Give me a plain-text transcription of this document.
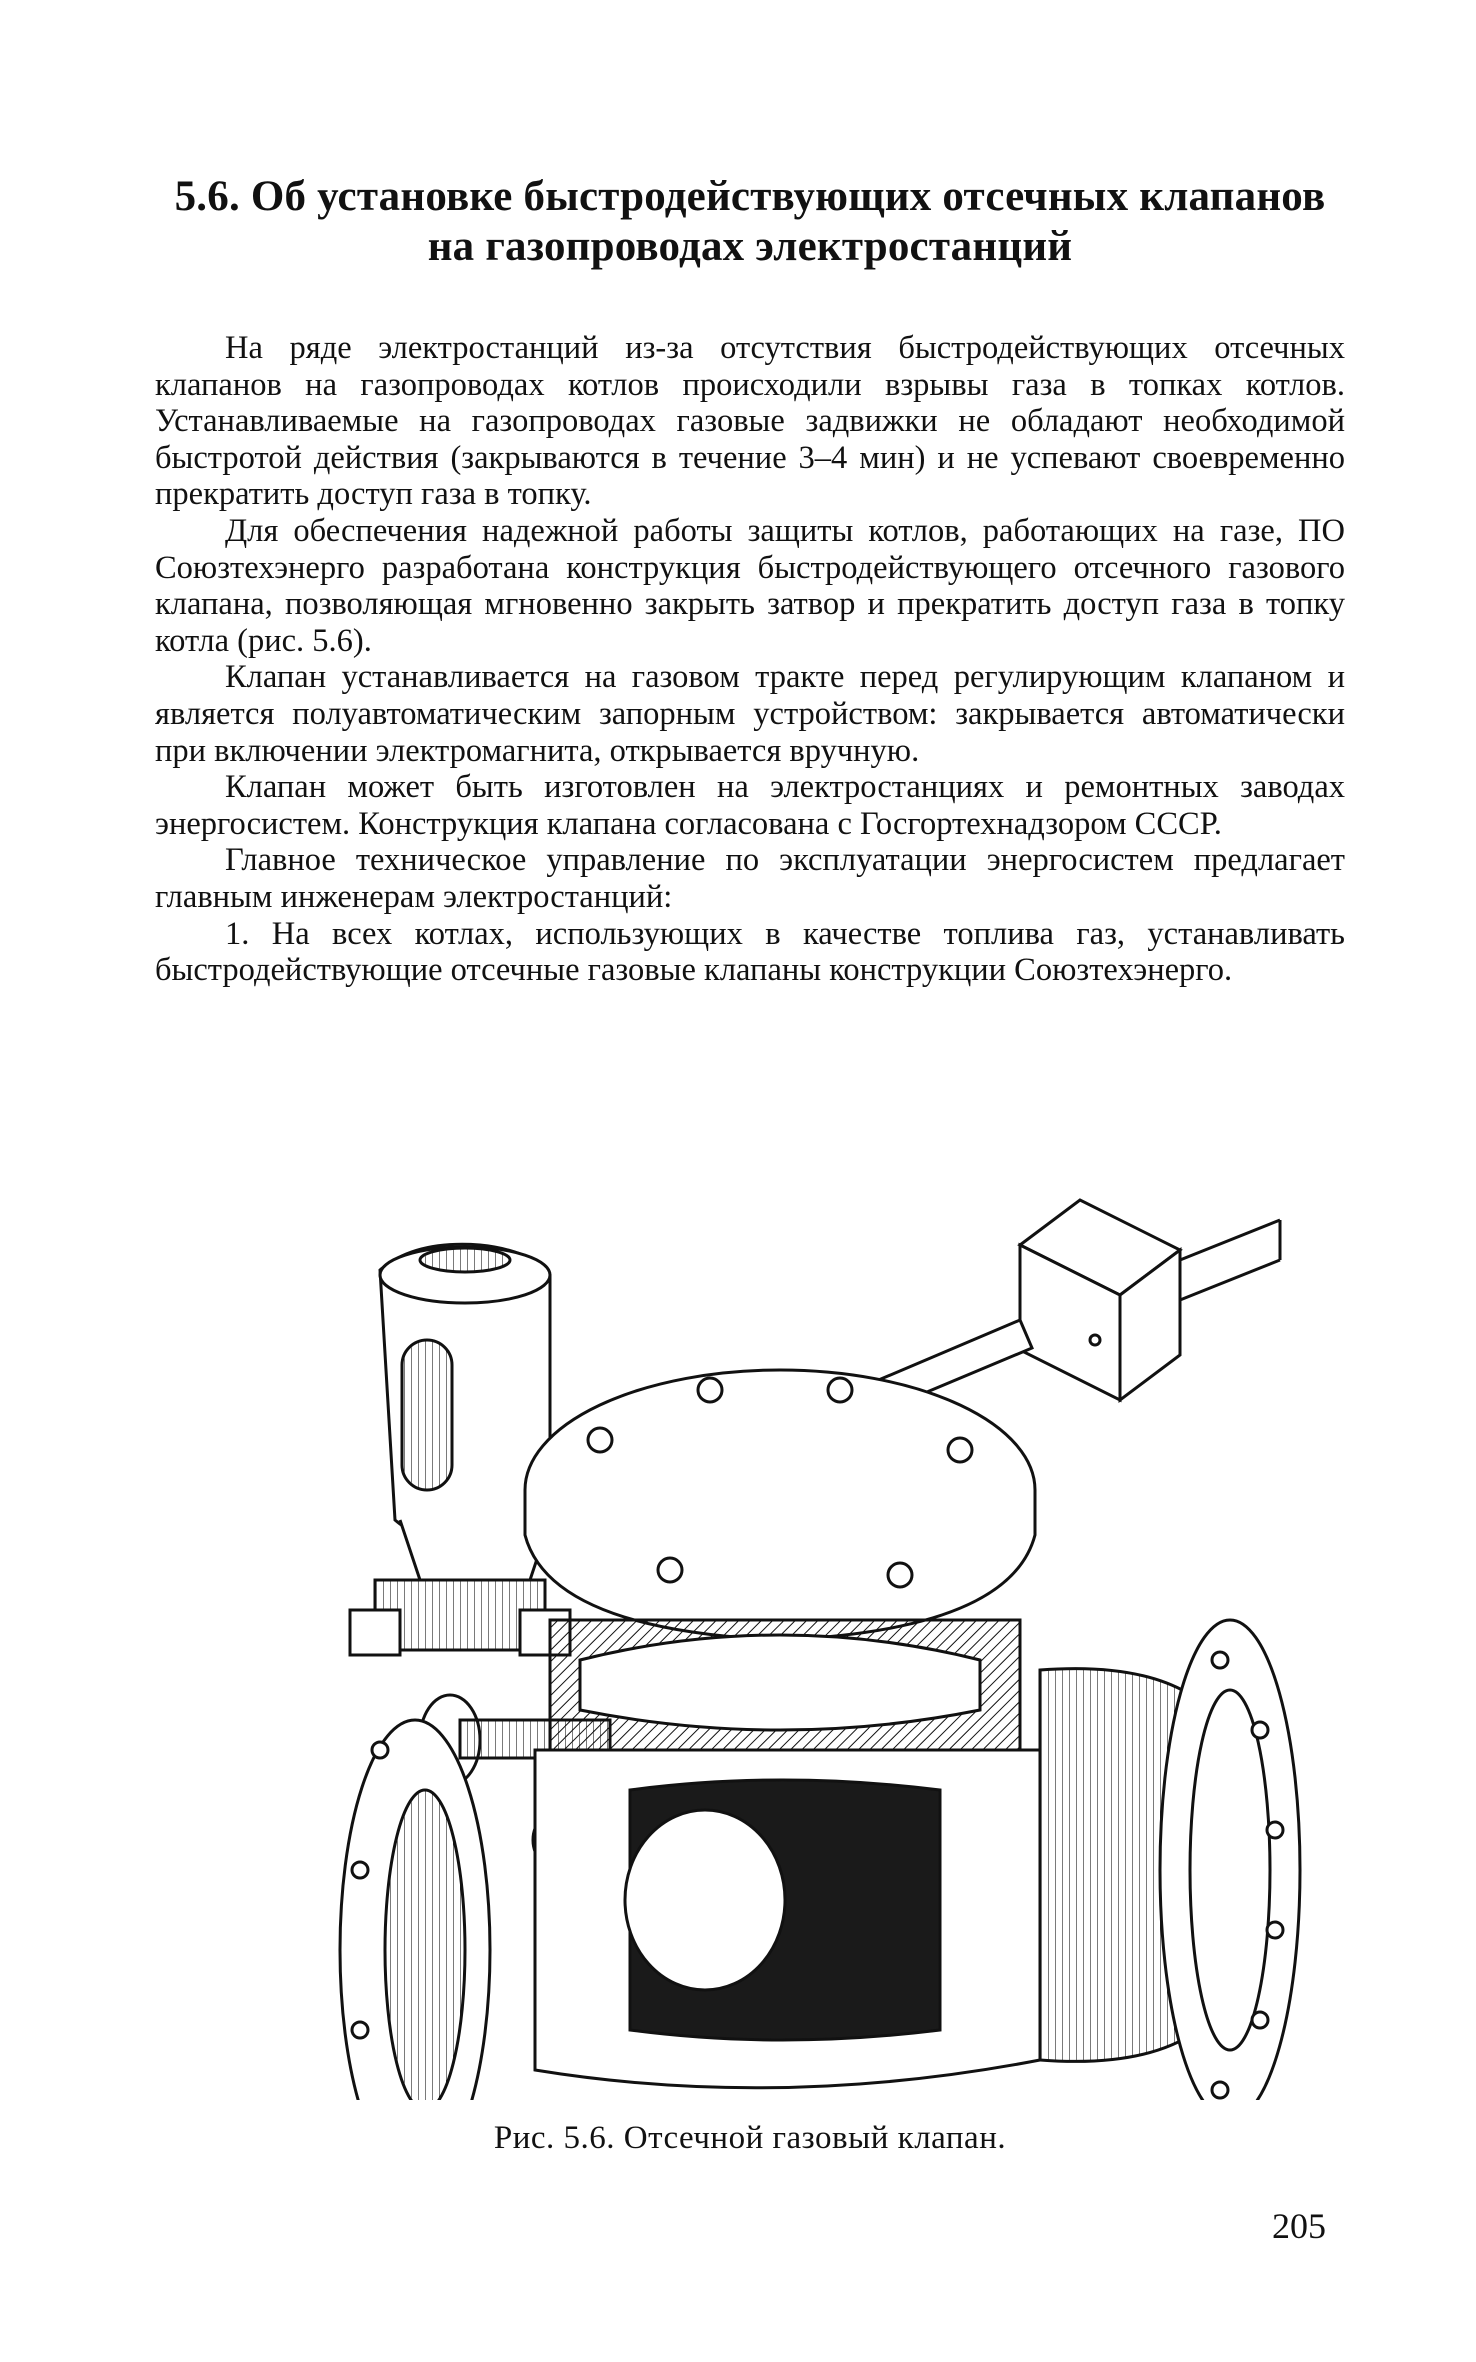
5.6. Об установке быстродействующих отсечных клапанов
на газопроводах электростанций

На ряде электростанций из-за отсутствия быстродействующих отсечных клапанов на газопроводах котлов происходили взрывы газа в топках котлов. Устанавливаемые на газопроводах газовые задвижки не обладают необходимой быстротой действия (закрываются в течение 3–4 мин) и не успевают своевременно прекратить доступ газа в топку.

Для обеспечения надежной работы защиты котлов, работающих на газе, ПО Союзтехэнерго разработана конструкция быстродействующего отсечного газового клапана, позволяющая мгновенно закрыть затвор и прекратить доступ газа в топку котла (рис. 5.6).

Клапан устанавливается на газовом тракте перед регулирующим клапаном и является полуавтоматическим запорным устройством: закрывается автоматически при включении электромагнита, открывается вручную.

Клапан может быть изготовлен на электростанциях и ремонтных заводах энергосистем. Конструкция клапана согласована с Госгортехнадзором СССР.

Главное техническое управление по эксплуатации энергосистем предлагает главным инженерам электростанций:

1. На всех котлах, использующих в качестве топлива газ, устанавливать быстродействующие отсечные газовые клапаны конструкции Союзтехэнерго.

Рис. 5.6. Отсечной газовый клапан.
205
